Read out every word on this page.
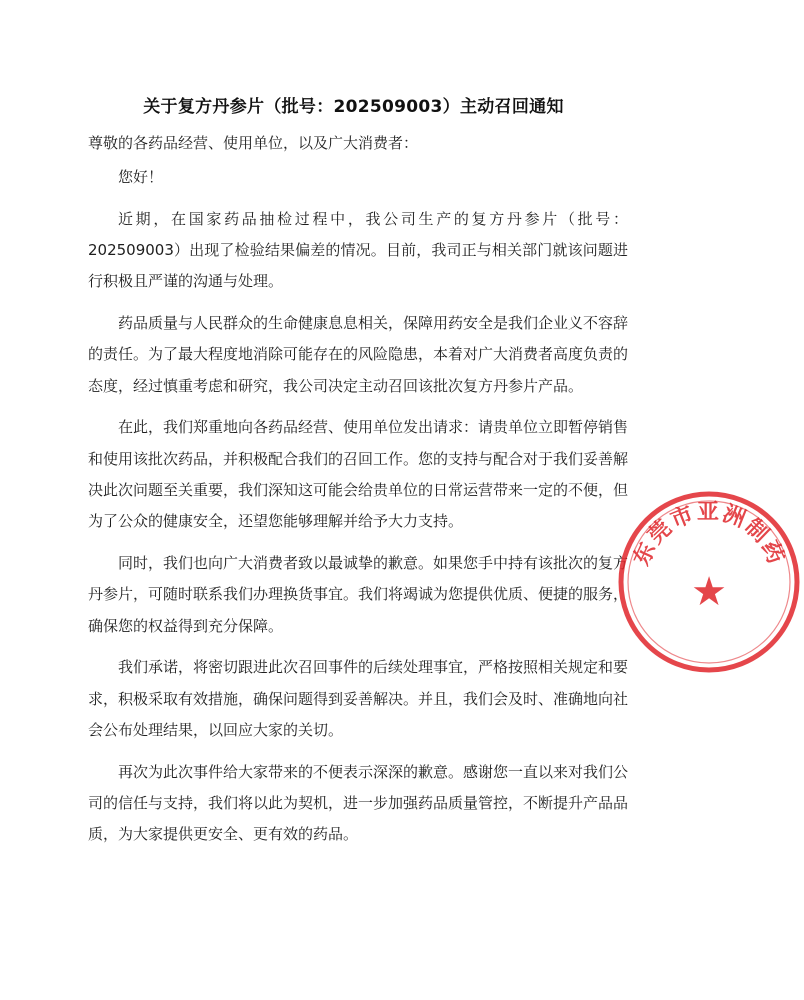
关于复方丹参片（批号：202509003）主动召回通知

尊敬的各药品经营、使用单位，以及广大消费者：

您好！

近期，在国家药品抽检过程中，我公司生产的复方丹参片（批号：202509003）出现了检验结果偏差的情况。目前，我司正与相关部门就该问题进行积极且严谨的沟通与处理。

药品质量与人民群众的生命健康息息相关，保障用药安全是我们企业义不容辞的责任。为了最大程度地消除可能存在的风险隐患，本着对广大消费者高度负责的态度，经过慎重考虑和研究，我公司决定主动召回该批次复方丹参片产品。

在此，我们郑重地向各药品经营、使用单位发出请求：请贵单位立即暂停销售和使用该批次药品，并积极配合我们的召回工作。您的支持与配合对于我们妥善解决此次问题至关重要，我们深知这可能会给贵单位的日常运营带来一定的不便，但为了公众的健康安全，还望您能够理解并给予大力支持。

同时，我们也向广大消费者致以最诚挚的歉意。如果您手中持有该批次的复方丹参片，可随时联系我们办理换货事宜。我们将竭诚为您提供优质、便捷的服务，确保您的权益得到充分保障。

我们承诺，将密切跟进此次召回事件的后续处理事宜，严格按照相关规定和要求，积极采取有效措施，确保问题得到妥善解决。并且，我们会及时、准确地向社会公布处理结果，以回应大家的关切。

再次为此次事件给大家带来的不便表示深深的歉意。感谢您一直以来对我们公司的信任与支持，我们将以此为契机，进一步加强药品质量管控，不断提升产品品质，为大家提供更安全、更有效的药品。

东莞市亚洲制药
★
